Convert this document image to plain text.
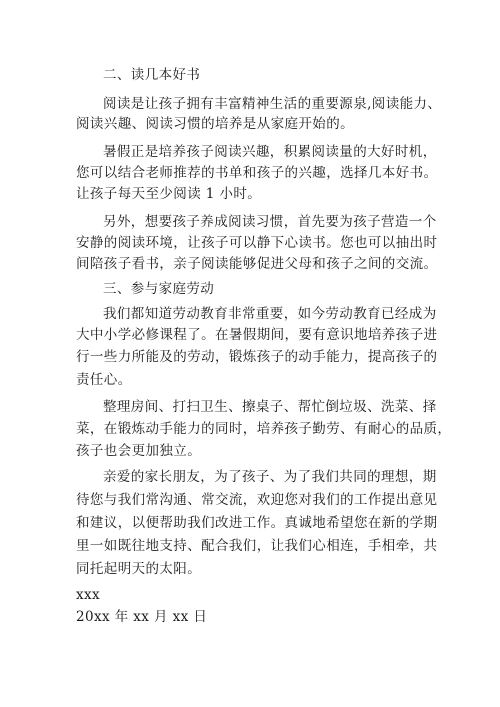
二、读几本好书
阅读是让孩子拥有丰富精神生活的重要源泉,阅读能力、
阅读兴趣、阅读习惯的培养是从家庭开始的。
暑假正是培养孩子阅读兴趣，积累阅读量的大好时机，
您可以结合老师推荐的书单和孩子的兴趣，选择几本好书。
让孩子每天至少阅读 1 小时。
另外，想要孩子养成阅读习惯，首先要为孩子营造一个
安静的阅读环境，让孩子可以静下心读书。您也可以抽出时
间陪孩子看书，亲子阅读能够促进父母和孩子之间的交流。
三、参与家庭劳动
我们都知道劳动教育非常重要，如今劳动教育已经成为
大中小学必修课程了。在暑假期间，要有意识地培养孩子进
行一些力所能及的劳动，锻炼孩子的动手能力，提高孩子的
责任心。
整理房间、打扫卫生、擦桌子、帮忙倒垃圾、洗菜、择
菜，在锻炼动手能力的同时，培养孩子勤劳、有耐心的品质，
孩子也会更加独立。
亲爱的家长朋友，为了孩子、为了我们共同的理想，期
待您与我们常沟通、常交流，欢迎您对我们的工作提出意见
和建议，以便帮助我们改进工作。真诚地希望您在新的学期
里一如既往地支持、配合我们，让我们心相连，手相牵，共
同托起明天的太阳。
xxx
20xx 年 xx 月 xx 日
